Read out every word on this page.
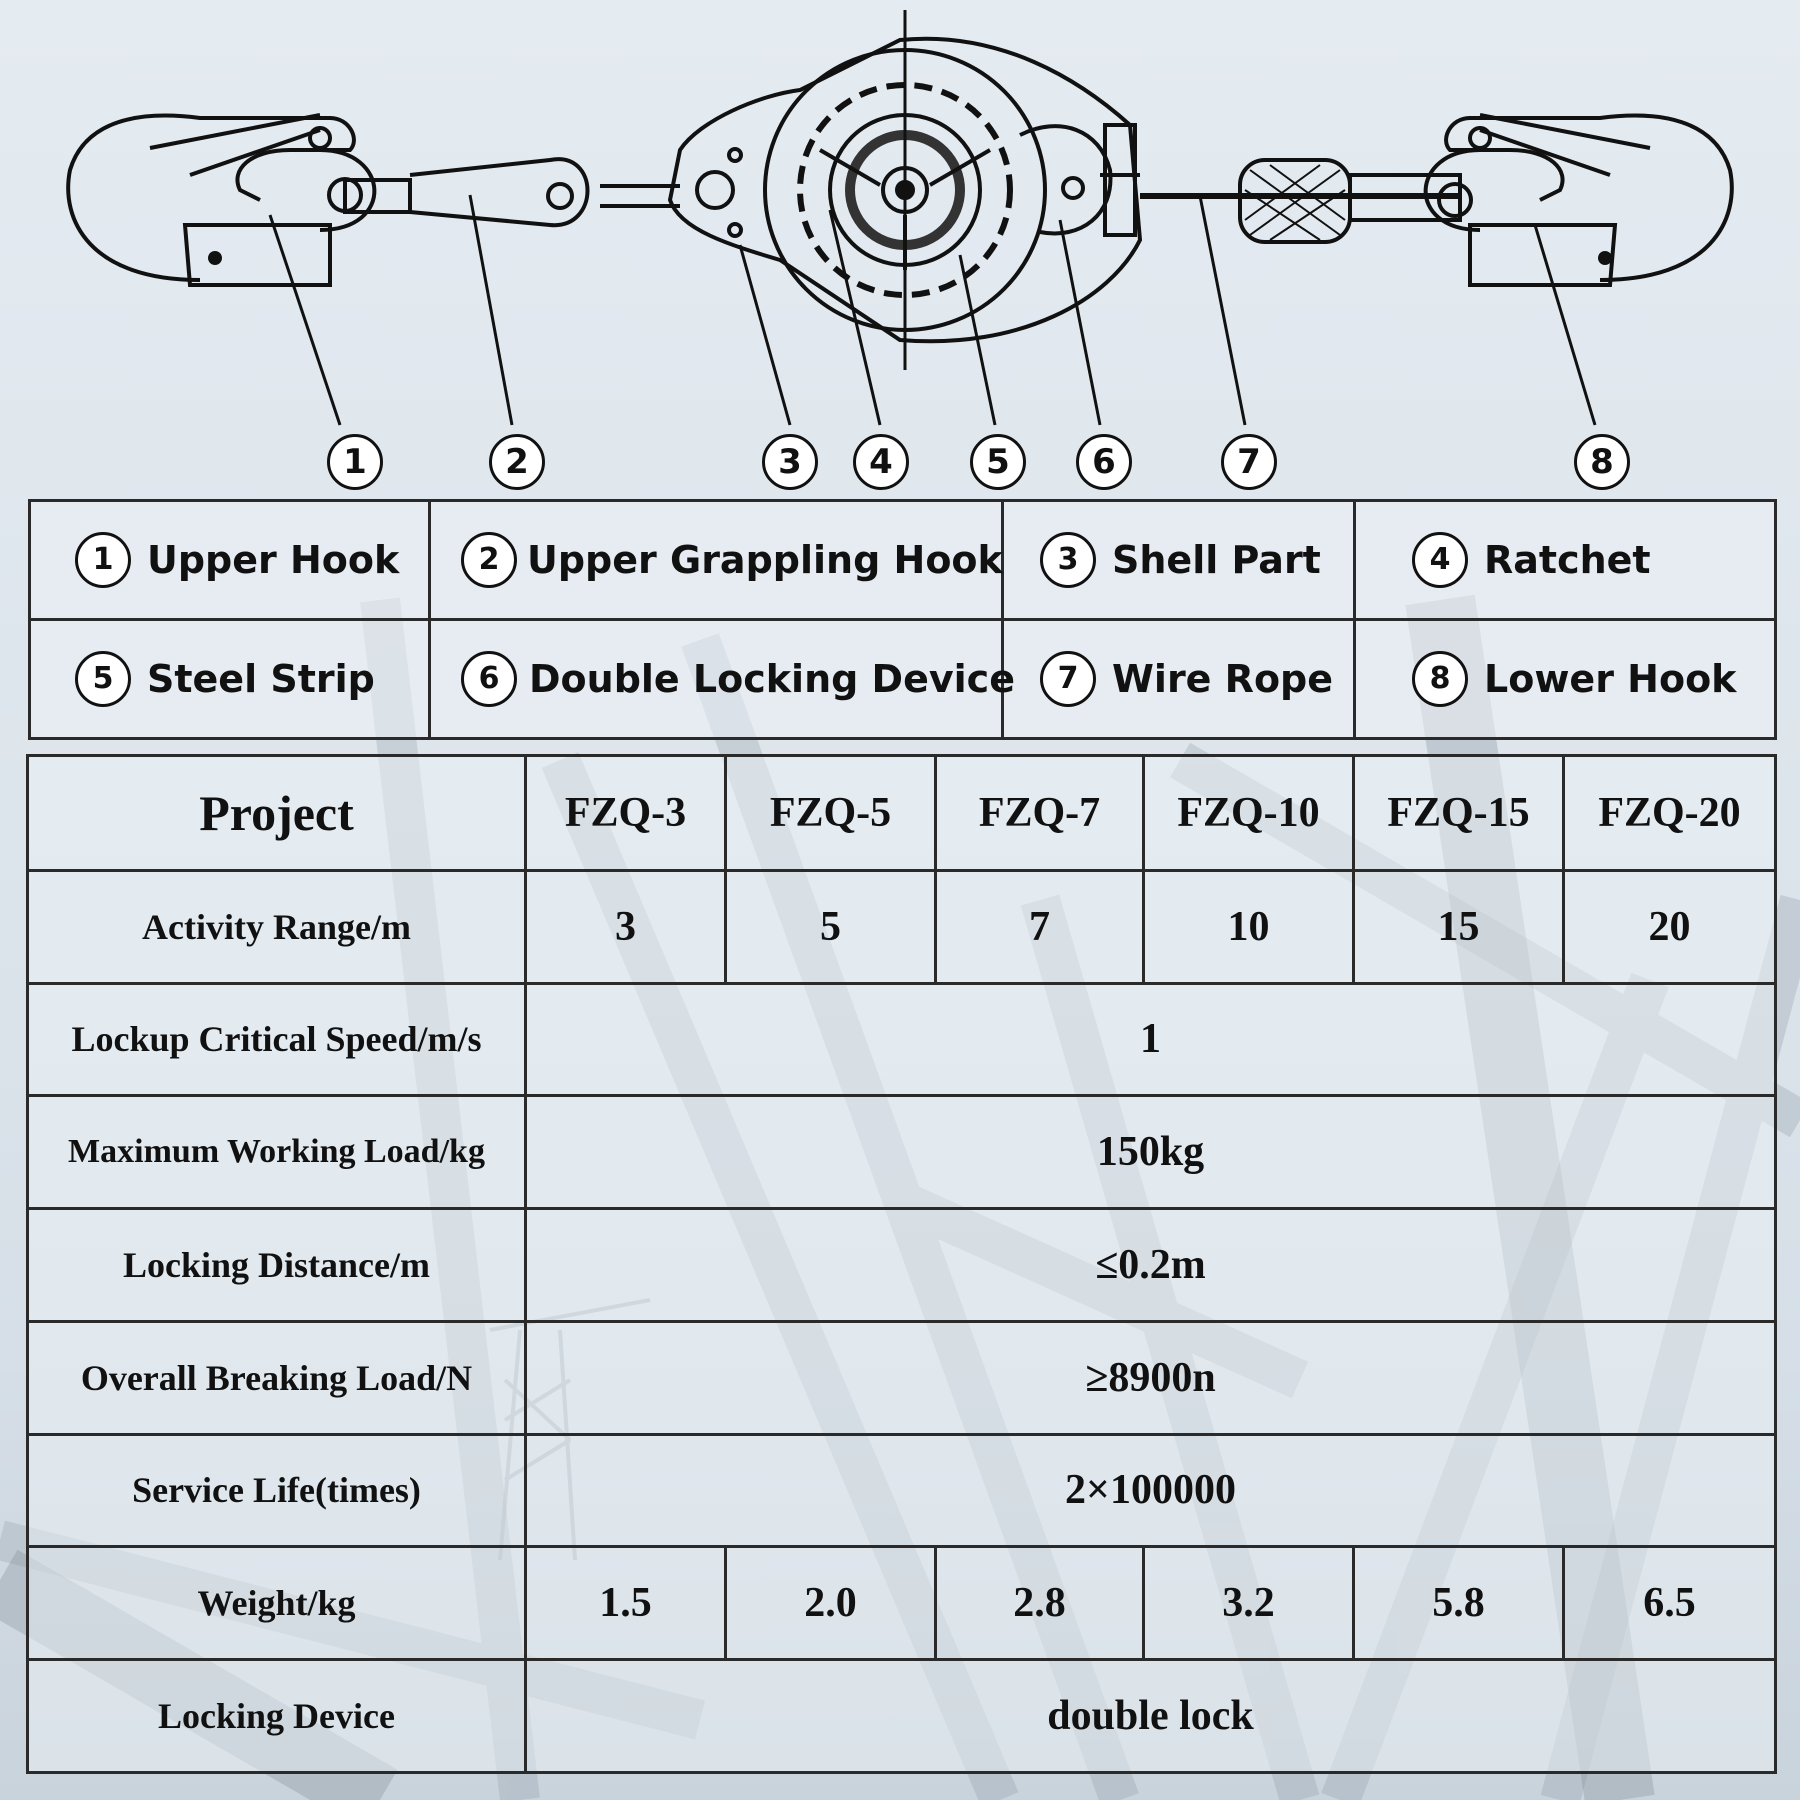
1	2	3	4	5	6	7	8
1 Upper Hook	2 Upper Grappling Hook	3 Shell Part	4 Ratchet

5 Steel Strip	6 Double Locking Device	7 Wire Rope	8 Lower Hook
Project	FZQ-3	FZQ-5	FZQ-7	FZQ-10	FZQ-15	FZQ-20
Activity Range/m	3	5	7	10	15	20
Lockup Critical Speed/m/s	1					
Maximum Working Load/kg	150kg					
Locking Distance/m	≤0.2m					
Overall Breaking Load/N	≥8900n					
Service Life(times)	2×100000					
Weight/kg	1.5	2.0	2.8	3.2	5.8	6.5
Locking Device	double lock					
